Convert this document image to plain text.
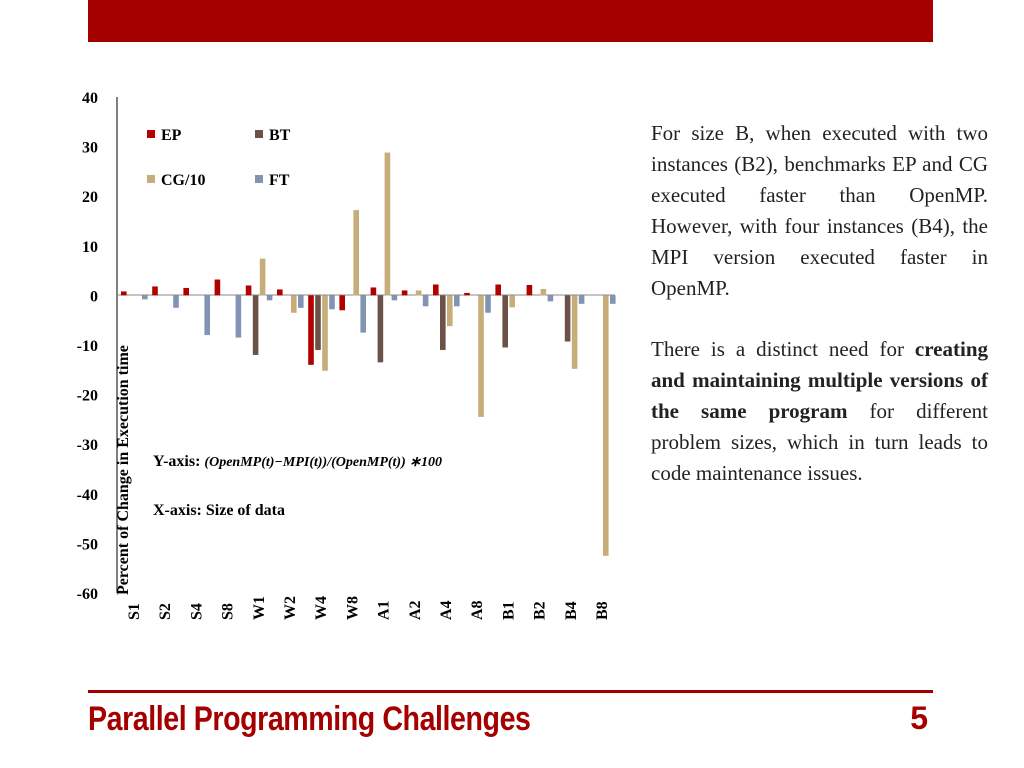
40
30
20
10
0
-10
-20
-30
-40
-50
-60
S1 S2 S4 S8 W1 W2 W4 W8 A1 A2 A4 A8 B1 B2 B4 B8
Percent of Change in Execution time
EP	BT
CG/10	FT
Y-axis: (OpenMP(t)−MPI(t))/(OpenMP(t)) ∗100
X-axis: Size of data

For size B, when executed with two instances (B2), benchmarks EP and CG executed faster than OpenMP. However, with four instances (B4), the MPI version executed faster in OpenMP.

There is a distinct need for creating and maintaining multiple versions of the same program for different problem sizes, which in turn leads to code maintenance issues.

Parallel Programming Challenges	5
